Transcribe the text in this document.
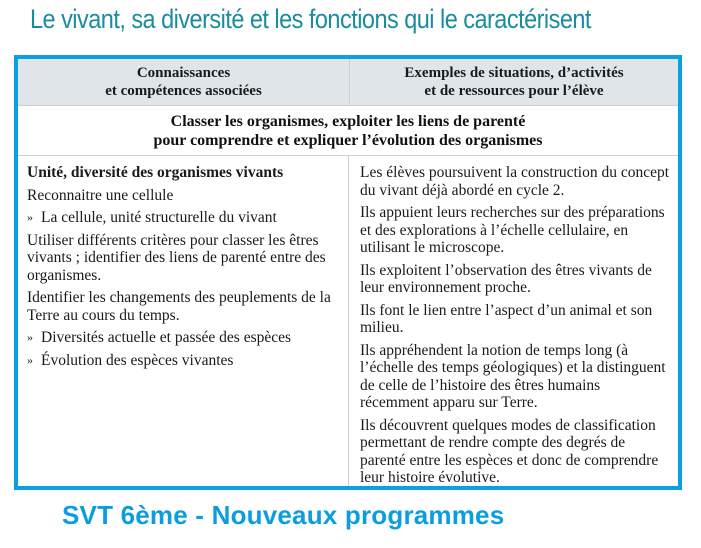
Le vivant, sa diversité et les fonctions qui le caractérisent
Connaissances
et compétences associées
Exemples de situations, d’activités
et de ressources pour l’élève
Classer les organismes, exploiter les liens de parenté
pour comprendre et expliquer l’évolution des organismes
Unité, diversité des organismes vivants
Reconnaitre une cellule
» La cellule, unité structurelle du vivant
Utiliser différents critères pour classer les êtres vivants ; identifier des liens de parenté entre des organismes.
Identifier les changements des peuplements de la Terre au cours du temps.
» Diversités actuelle et passée des espèces
» Évolution des espèces vivantes
Les élèves poursuivent la construction du concept du vivant déjà abordé en cycle 2.
Ils appuient leurs recherches sur des préparations et des explorations à l’échelle cellulaire, en utilisant le microscope.
Ils exploitent l’observation des êtres vivants de leur environnement proche.
Ils font le lien entre l’aspect d’un animal et son milieu.
Ils appréhendent la notion de temps long (à l’échelle des temps géologiques) et la distinguent de celle de l’histoire des êtres humains récemment apparu sur Terre.
Ils découvrent quelques modes de classification permettant de rendre compte des degrés de parenté entre les espèces et donc de comprendre leur histoire évolutive.
SVT 6ème - Nouveaux programmes
